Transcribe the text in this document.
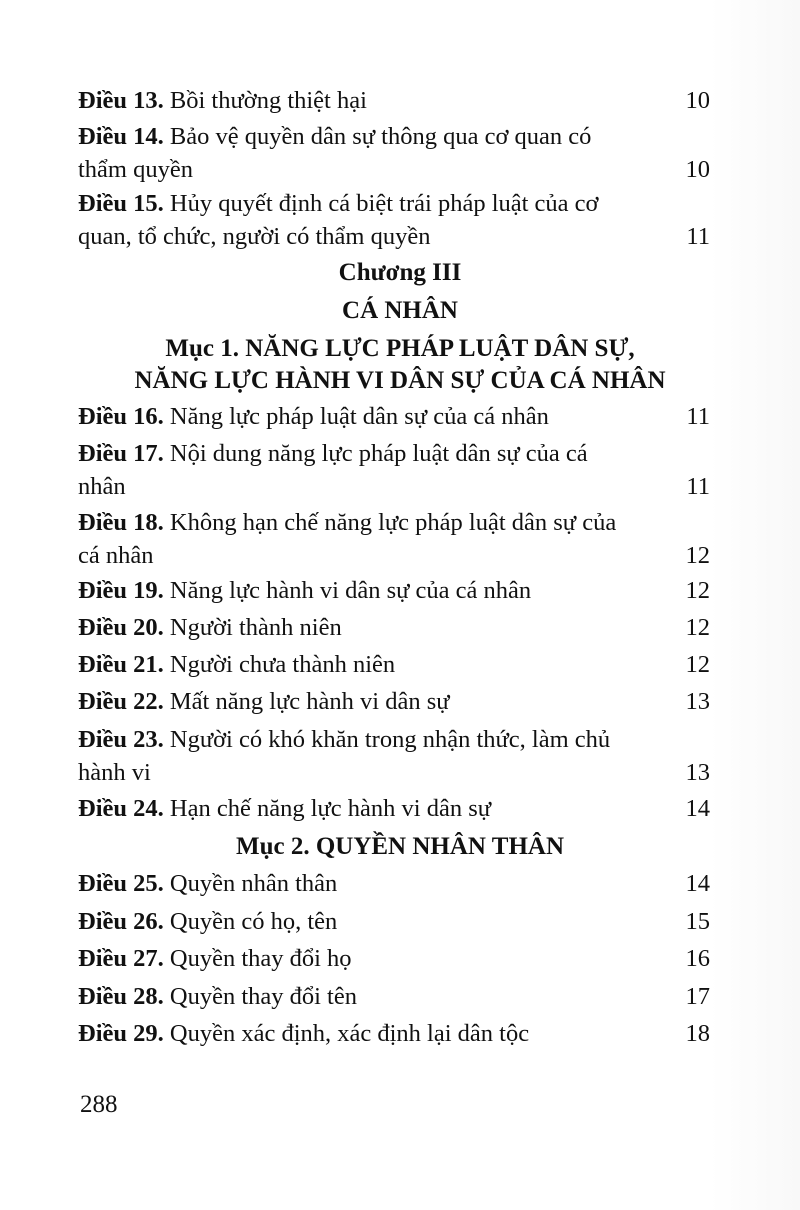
Điều 13. Bồi thường thiệt hại	10
Điều 14. Bảo vệ quyền dân sự thông qua cơ quan có thẩm quyền	10
Điều 15. Hủy quyết định cá biệt trái pháp luật của cơ quan, tổ chức, người có thẩm quyền	11
Chương III
CÁ NHÂN
Mục 1. NĂNG LỰC PHÁP LUẬT DÂN SỰ,
NĂNG LỰC HÀNH VI DÂN SỰ CỦA CÁ NHÂN
Điều 16. Năng lực pháp luật dân sự của cá nhân	11
Điều 17. Nội dung năng lực pháp luật dân sự của cá nhân	11
Điều 18. Không hạn chế năng lực pháp luật dân sự của cá nhân	12
Điều 19. Năng lực hành vi dân sự của cá nhân	12
Điều 20. Người thành niên	12
Điều 21. Người chưa thành niên	12
Điều 22. Mất năng lực hành vi dân sự	13
Điều 23. Người có khó khăn trong nhận thức, làm chủ hành vi	13
Điều 24. Hạn chế năng lực hành vi dân sự	14
Mục 2. QUYỀN NHÂN THÂN
Điều 25. Quyền nhân thân	14
Điều 26. Quyền có họ, tên	15
Điều 27. Quyền thay đổi họ	16
Điều 28. Quyền thay đổi tên	17
Điều 29. Quyền xác định, xác định lại dân tộc	18
288
